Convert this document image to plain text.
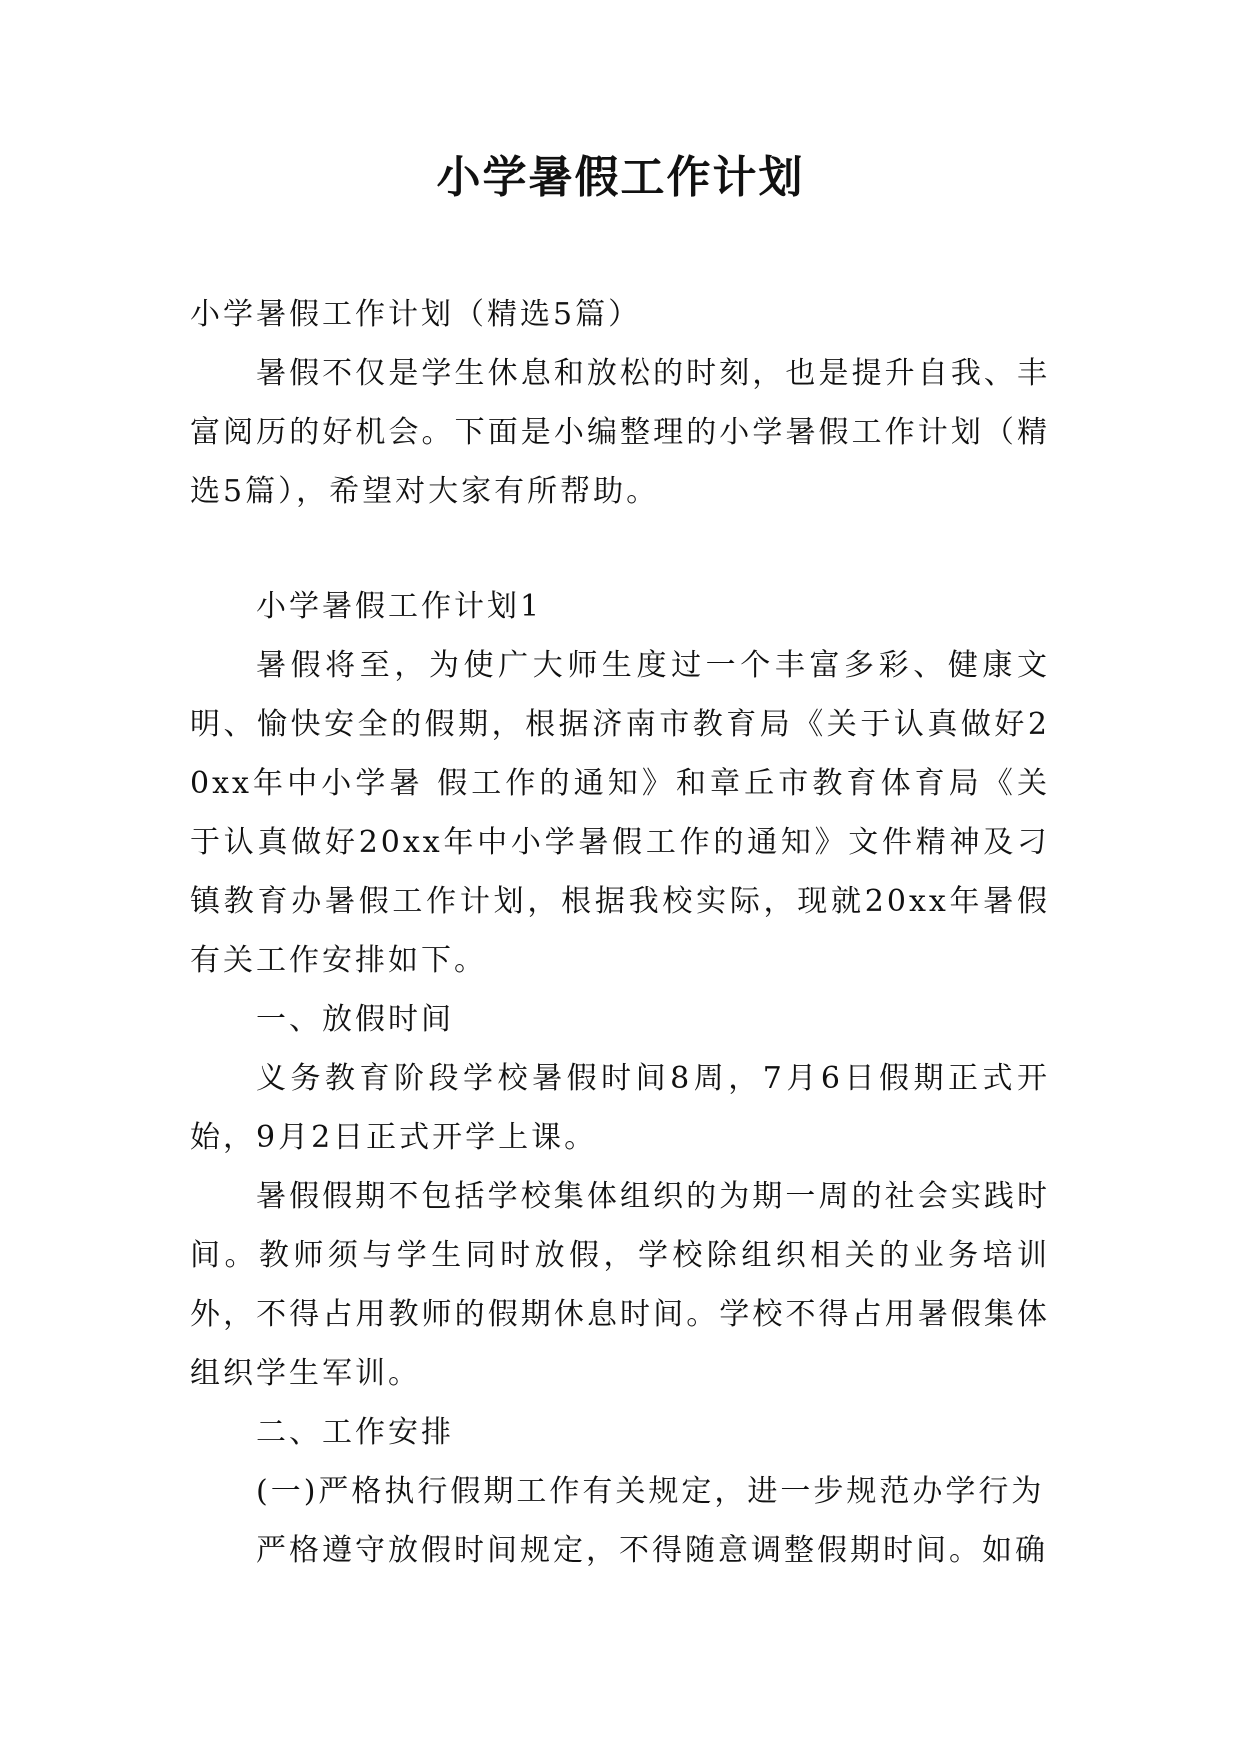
小学暑假工作计划

小学暑假工作计划（精选5篇）

暑假不仅是学生休息和放松的时刻，也是提升自我、丰富阅历的好机会。下面是小编整理的小学暑假工作计划（精选5篇），希望对大家有所帮助。

小学暑假工作计划1

暑假将至，为使广大师生度过一个丰富多彩、健康文明、愉快安全的假期，根据济南市教育局《关于认真做好20xx年中小学暑 假工作的通知》和章丘市教育体育局《关于认真做好20xx年中小学暑假工作的通知》文件精神及刁镇教育办暑假工作计划，根据我校实际，现就20xx年暑假有关工作安排如下。

一、放假时间

义务教育阶段学校暑假时间8周，7月6日假期正式开始，9月2日正式开学上课。

暑假假期不包括学校集体组织的为期一周的社会实践时间。教师须与学生同时放假，学校除组织相关的业务培训外，不得占用教师的假期休息时间。学校不得占用暑假集体组织学生军训。

二、工作安排

(一)严格执行假期工作有关规定，进一步规范办学行为

严格遵守放假时间规定，不得随意调整假期时间。如确
